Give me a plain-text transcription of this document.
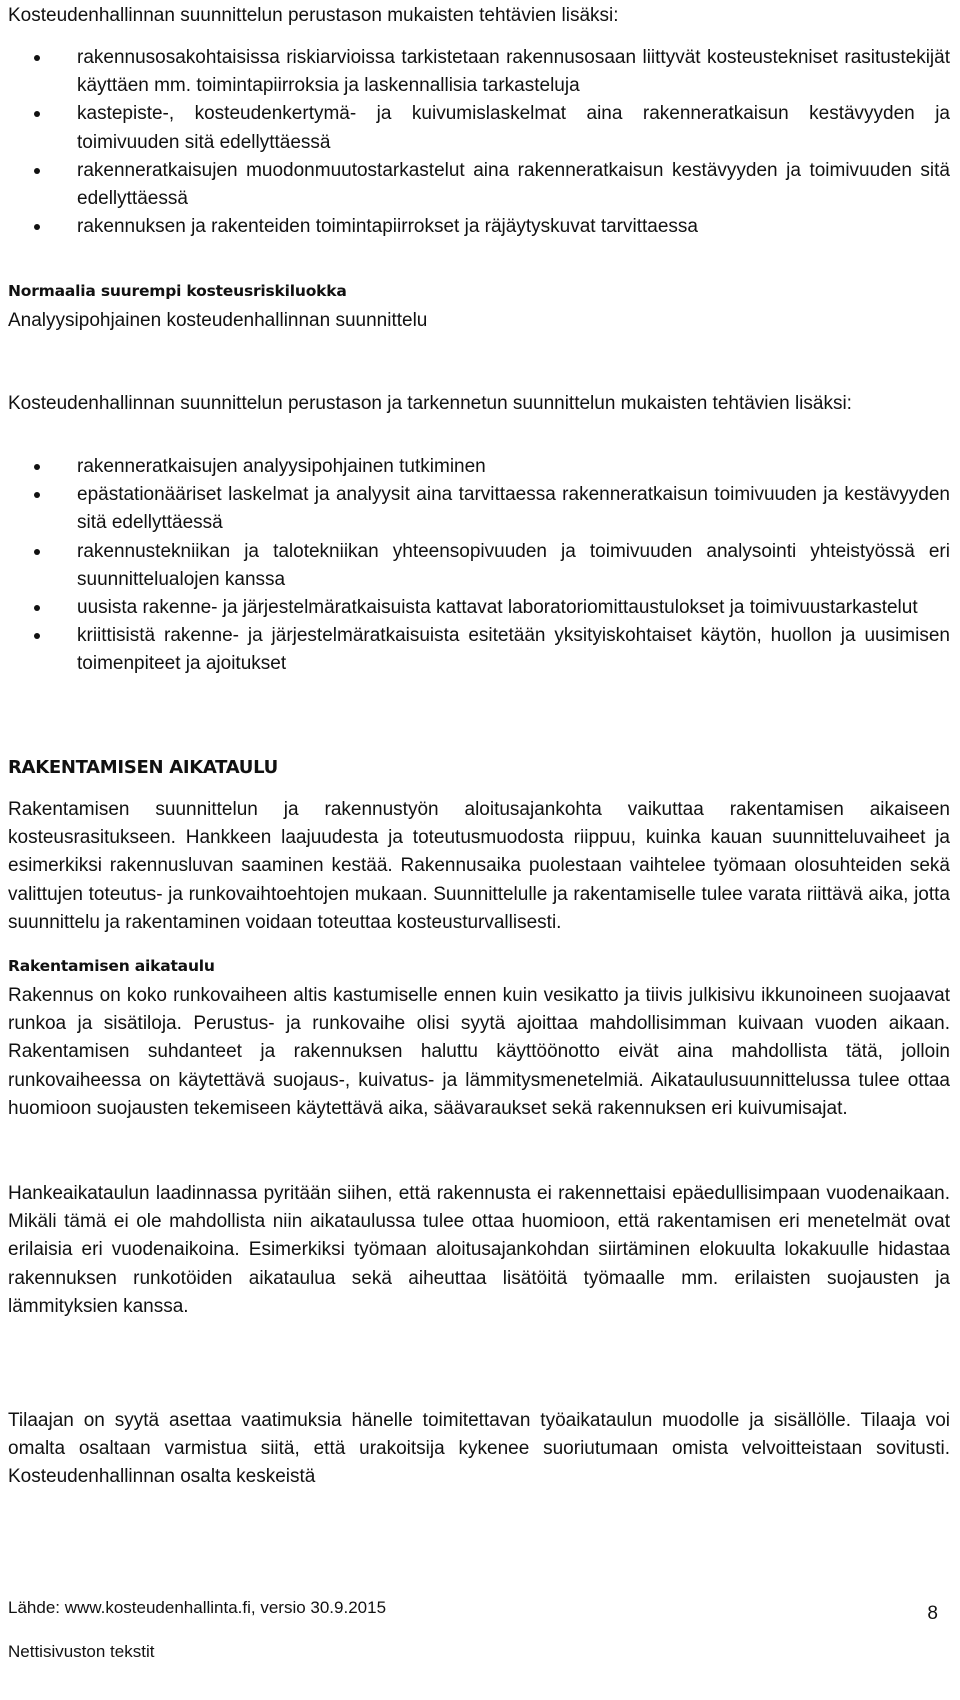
Kosteudenhallinnan suunnittelun perustason mukaisten tehtävien lisäksi:

rakennusosakohtaisissa riskiarvioissa tarkistetaan rakennusosaan liittyvät kosteustekniset rasitustekijät käyttäen mm. toimintapiirroksia ja laskennallisia tarkasteluja
kastepiste-, kosteudenkertymä- ja kuivumislaskelmat aina rakenneratkaisun kestävyyden ja toimivuuden sitä edellyttäessä
rakenneratkaisujen muodonmuutostarkastelut aina rakenneratkaisun kestävyyden ja toimivuuden sitä edellyttäessä
rakennuksen ja rakenteiden toimintapiirrokset ja räjäytyskuvat tarvittaessa
Normaalia suurempi kosteusriskiluokka

Analyysipohjainen kosteudenhallinnan suunnittelu

Kosteudenhallinnan suunnittelun perustason ja tarkennetun suunnittelun mukaisten tehtävien lisäksi:

rakenneratkaisujen analyysipohjainen tutkiminen
epästationääriset laskelmat ja analyysit aina tarvittaessa rakenneratkaisun toimivuuden ja kestävyyden sitä edellyttäessä
rakennustekniikan ja talotekniikan yhteensopivuuden ja toimivuuden analysointi yhteistyössä eri suunnittelualojen kanssa
uusista rakenne- ja järjestelmäratkaisuista kattavat laboratoriomittaustulokset ja toimivuustarkastelut
kriittisistä rakenne- ja järjestelmäratkaisuista esitetään yksityiskohtaiset käytön, huollon ja uusimisen toimenpiteet ja ajoitukset
RAKENTAMISEN AIKATAULU

Rakentamisen suunnittelun ja rakennustyön aloitusajankohta vaikuttaa rakentamisen aikaiseen kosteusrasitukseen. Hankkeen laajuudesta ja toteutusmuodosta riippuu, kuinka kauan suunnitteluvaiheet ja esimerkiksi rakennusluvan saaminen kestää. Rakennusaika puolestaan vaihtelee työmaan olosuhteiden sekä valittujen toteutus- ja runkovaihtoehtojen mukaan. Suunnittelulle ja rakentamiselle tulee varata riittävä aika, jotta suunnittelu ja rakentaminen voidaan toteuttaa kosteusturvallisesti.

Rakentamisen aikataulu

Rakennus on koko runkovaiheen altis kastumiselle ennen kuin vesikatto ja tiivis julkisivu ikkunoineen suojaavat runkoa ja sisätiloja. Perustus- ja runkovaihe olisi syytä ajoittaa mahdollisimman kuivaan vuoden aikaan. Rakentamisen suhdanteet ja rakennuksen haluttu käyttöönotto eivät aina mahdollista tätä, jolloin runkovaiheessa on käytettävä suojaus-, kuivatus- ja lämmitysmenetelmiä. Aikataulusuunnittelussa tulee ottaa huomioon suojausten tekemiseen käytettävä aika, säävaraukset sekä rakennuksen eri kuivumisajat.

Hankeaikataulun laadinnassa pyritään siihen, että rakennusta ei rakennettaisi epäedullisimpaan vuodenaikaan. Mikäli tämä ei ole mahdollista niin aikataulussa tulee ottaa huomioon, että rakentamisen eri menetelmät ovat erilaisia eri vuodenaikoina. Esimerkiksi työmaan aloitusajankohdan siirtäminen elokuulta lokakuulle hidastaa rakennuksen runkotöiden aikataulua sekä aiheuttaa lisätöitä työmaalle mm. erilaisten suojausten ja lämmityksien kanssa.

Tilaajan on syytä asettaa vaatimuksia hänelle toimitettavan työaikataulun muodolle ja sisällölle. Tilaaja voi omalta osaltaan varmistua siitä, että urakoitsija kykenee suoriutumaan omista velvoitteistaan sovitusti. Kosteudenhallinnan osalta keskeistä

Lähde: www.kosteudenhallinta.fi, versio 30.9.2015	8
Nettisivuston tekstit
